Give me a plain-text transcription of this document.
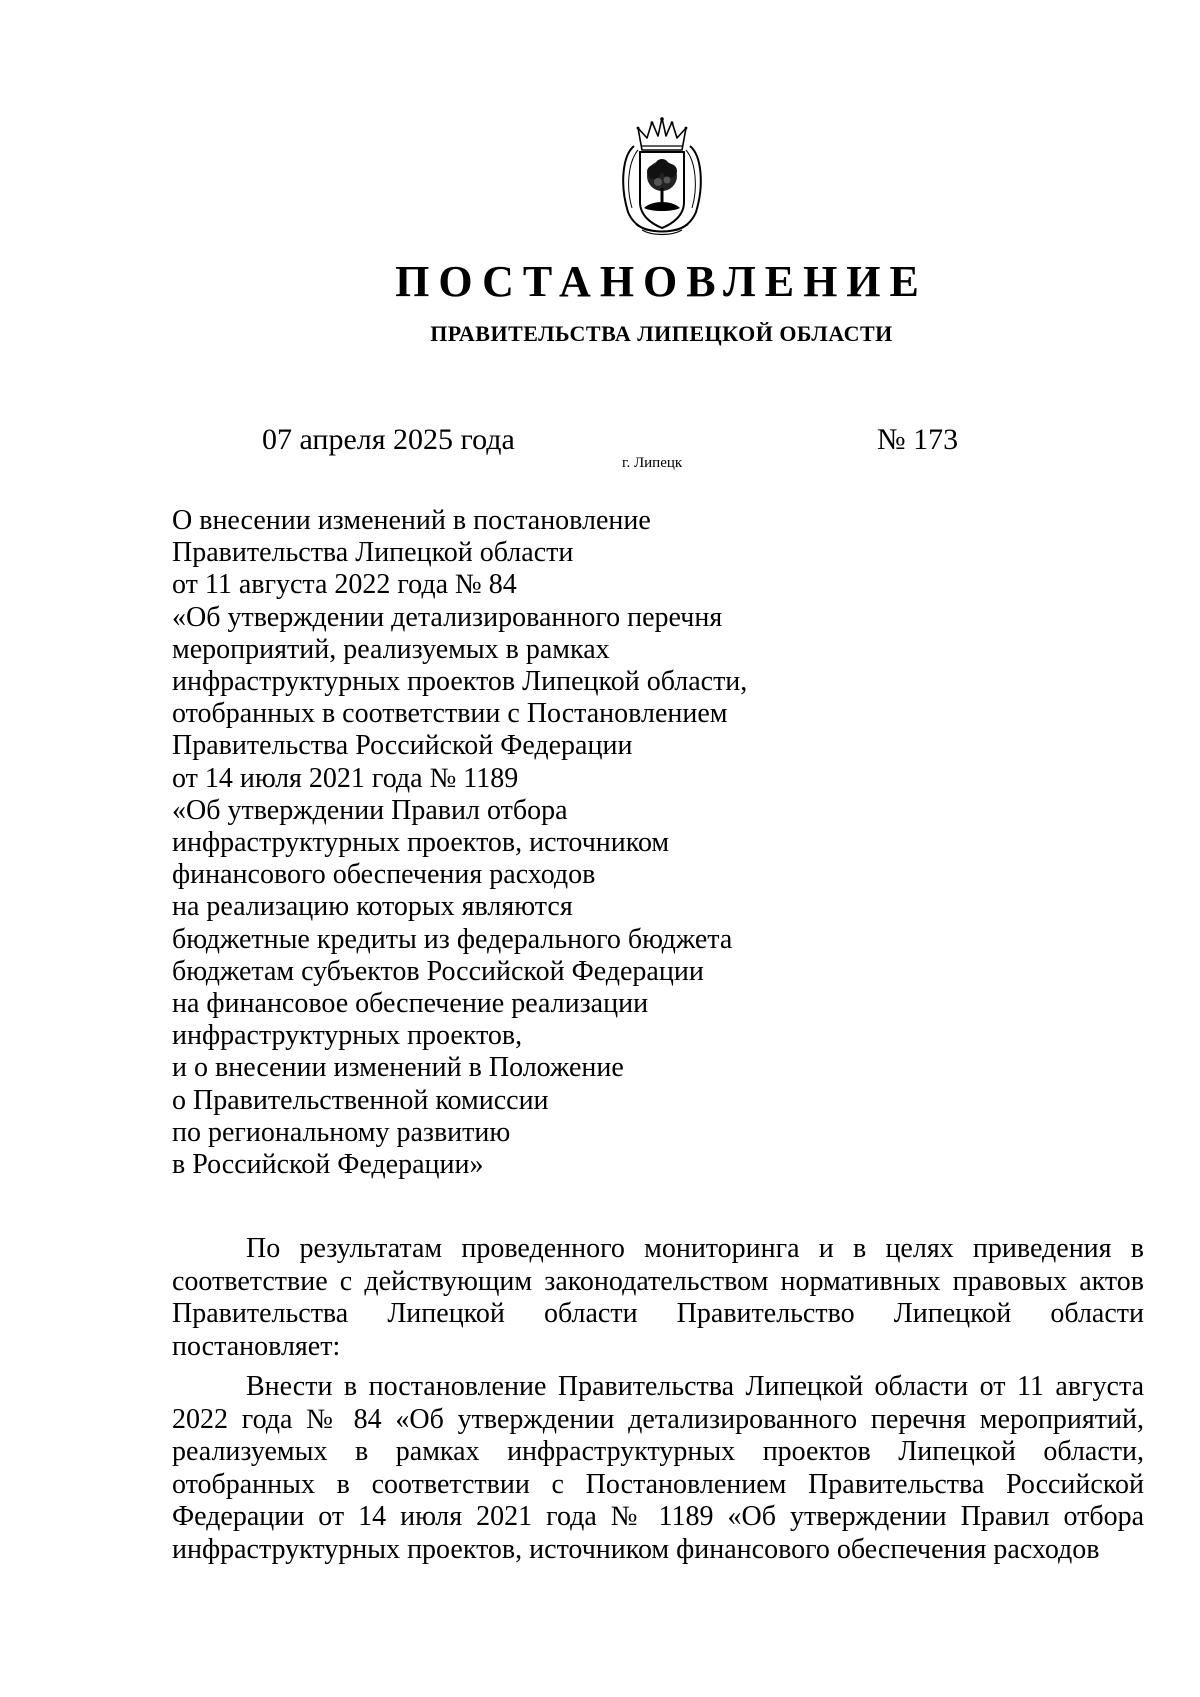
ПОСТАНОВЛЕНИЕ
ПРАВИТЕЛЬСТВА ЛИПЕЦКОЙ ОБЛАСТИ
07 апреля 2025 года
г. Липецк
№ 173
О внесении изменений в постановление
Правительства Липецкой области
от 11 августа 2022 года № 84
«Об утверждении детализированного перечня
мероприятий, реализуемых в рамках
инфраструктурных проектов Липецкой области,
отобранных в соответствии с Постановлением
Правительства Российской Федерации
от 14 июля 2021 года № 1189
«Об утверждении Правил отбора
инфраструктурных проектов, источником
финансового обеспечения расходов
на реализацию которых являются
бюджетные кредиты из федерального бюджета
бюджетам субъектов Российской Федерации
на финансовое обеспечение реализации
инфраструктурных проектов,
и о внесении изменений в Положение
о Правительственной комиссии
по региональному развитию
в Российской Федерации»

По результатам проведенного мониторинга и в целях приведения в соответствие с действующим законодательством нормативных правовых актов Правительства Липецкой области Правительство Липецкой области постановляет:

Внести в постановление Правительства Липецкой области от 11 августа 2022 года № 84 «Об утверждении детализированного перечня мероприятий, реализуемых в рамках инфраструктурных проектов Липецкой области, отобранных в соответствии с Постановлением Правительства Российской Федерации от 14 июля 2021 года № 1189 «Об утверждении Правил отбора инфраструктурных проектов, источником финансового обеспечения расходов
